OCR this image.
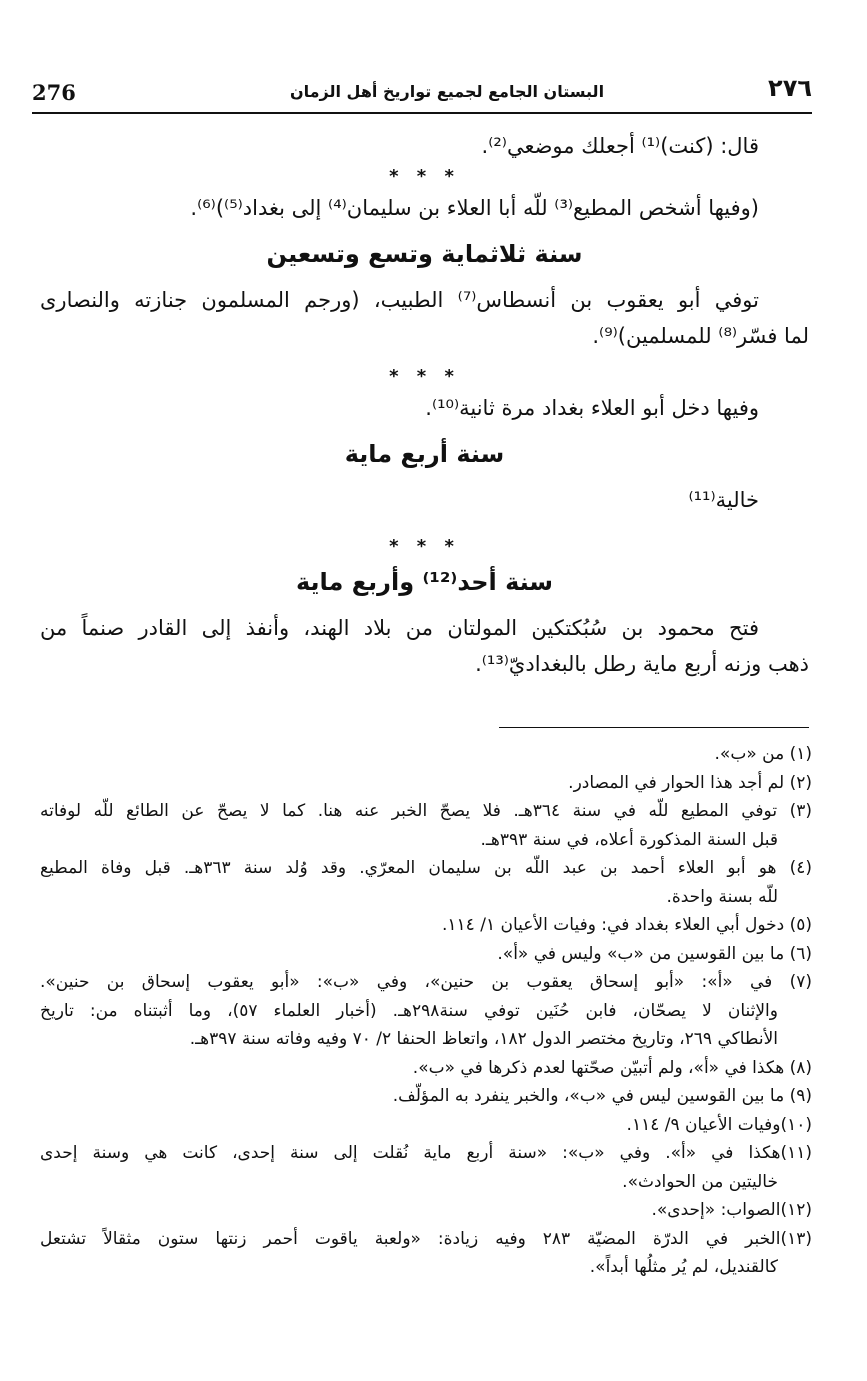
276	البستان الجامع لجميع تواريخ أهل الزمان	٢٧٦

قال: (كنت)⁽¹⁾ أجعلك موضعي⁽²⁾.

* * *

(وفيها أشخص المطيع⁽³⁾ للّه أبا العلاء بن سليمان⁽⁴⁾ إلى بغداد⁽⁵⁾)⁽⁶⁾.

سنة ثلاثماية وتسع وتسعين

توفي أبو يعقوب بن أنسطاس⁽⁷⁾ الطبيب، (ورجم المسلمون جنازته والنصارى

لما فسّر⁽⁸⁾ للمسلمين)⁽⁹⁾.

* * *

وفيها دخل أبو العلاء بغداد مرة ثانية⁽¹⁰⁾.

سنة أربع ماية

خالية⁽¹¹⁾

* * *

سنة أحد⁽¹²⁾ وأربع ماية

فتح محمود بن سُبُكتكين المولتان من بلاد الهند، وأنفذ إلى القادر صنماً من

ذهب وزنه أربع ماية رطل بالبغداديّ⁽¹³⁾.

(١) من «ب».

(٢) لم أجد هذا الحوار في المصادر.

(٣) توفي المطيع للّه في سنة ٣٦٤هـ. فلا يصحّ الخبر عنه هنا. كما لا يصحّ عن الطائع للّه لوفاته
قبل السنة المذكورة أعلاه، في سنة ٣٩٣هـ.

(٤) هو أبو العلاء أحمد بن عبد اللّه بن سليمان المعرّي. وقد وُلد سنة ٣٦٣هـ. قبل وفاة المطيع
للّه بسنة واحدة.

(٥) دخول أبي العلاء بغداد في: وفيات الأعيان ١/ ١١٤.

(٦) ما بين القوسين من «ب» وليس في «أ».

(٧) في «أ»: «أبو إسحاق يعقوب بن حنين»، وفي «ب»: «أبو يعقوب إسحاق بن حنين».
والإثنان لا يصحّان، فابن حُنَين توفي سنة٢٩٨هـ. (أخبار العلماء ٥٧)، وما أثبتناه من: تاريخ
الأنطاكي ٢٦٩، وتاريخ مختصر الدول ١٨٢، واتعاظ الحنفا ٢/ ٧٠ وفيه وفاته سنة ٣٩٧هـ.

(٨) هكذا في «أ»، ولم أتبيّن صحّتها لعدم ذكرها في «ب».

(٩) ما بين القوسين ليس في «ب»، والخبر ينفرد به المؤلّف.

(١٠)وفيات الأعيان ٩/ ١١٤.

(١١)هكذا في «أ». وفي «ب»: «سنة أربع ماية نُقلت إلى سنة إحدى، كانت هي وسنة إحدى
خاليتين من الحوادث».

(١٢)الصواب: «إحدى».

(١٣)الخبر في الدرّة المضيّة ٢٨٣ وفيه زيادة: «ولعبة ياقوت أحمر زنتها ستون مثقالاً تشتعل
كالقنديل، لم يُر مثلُها أبداً».
